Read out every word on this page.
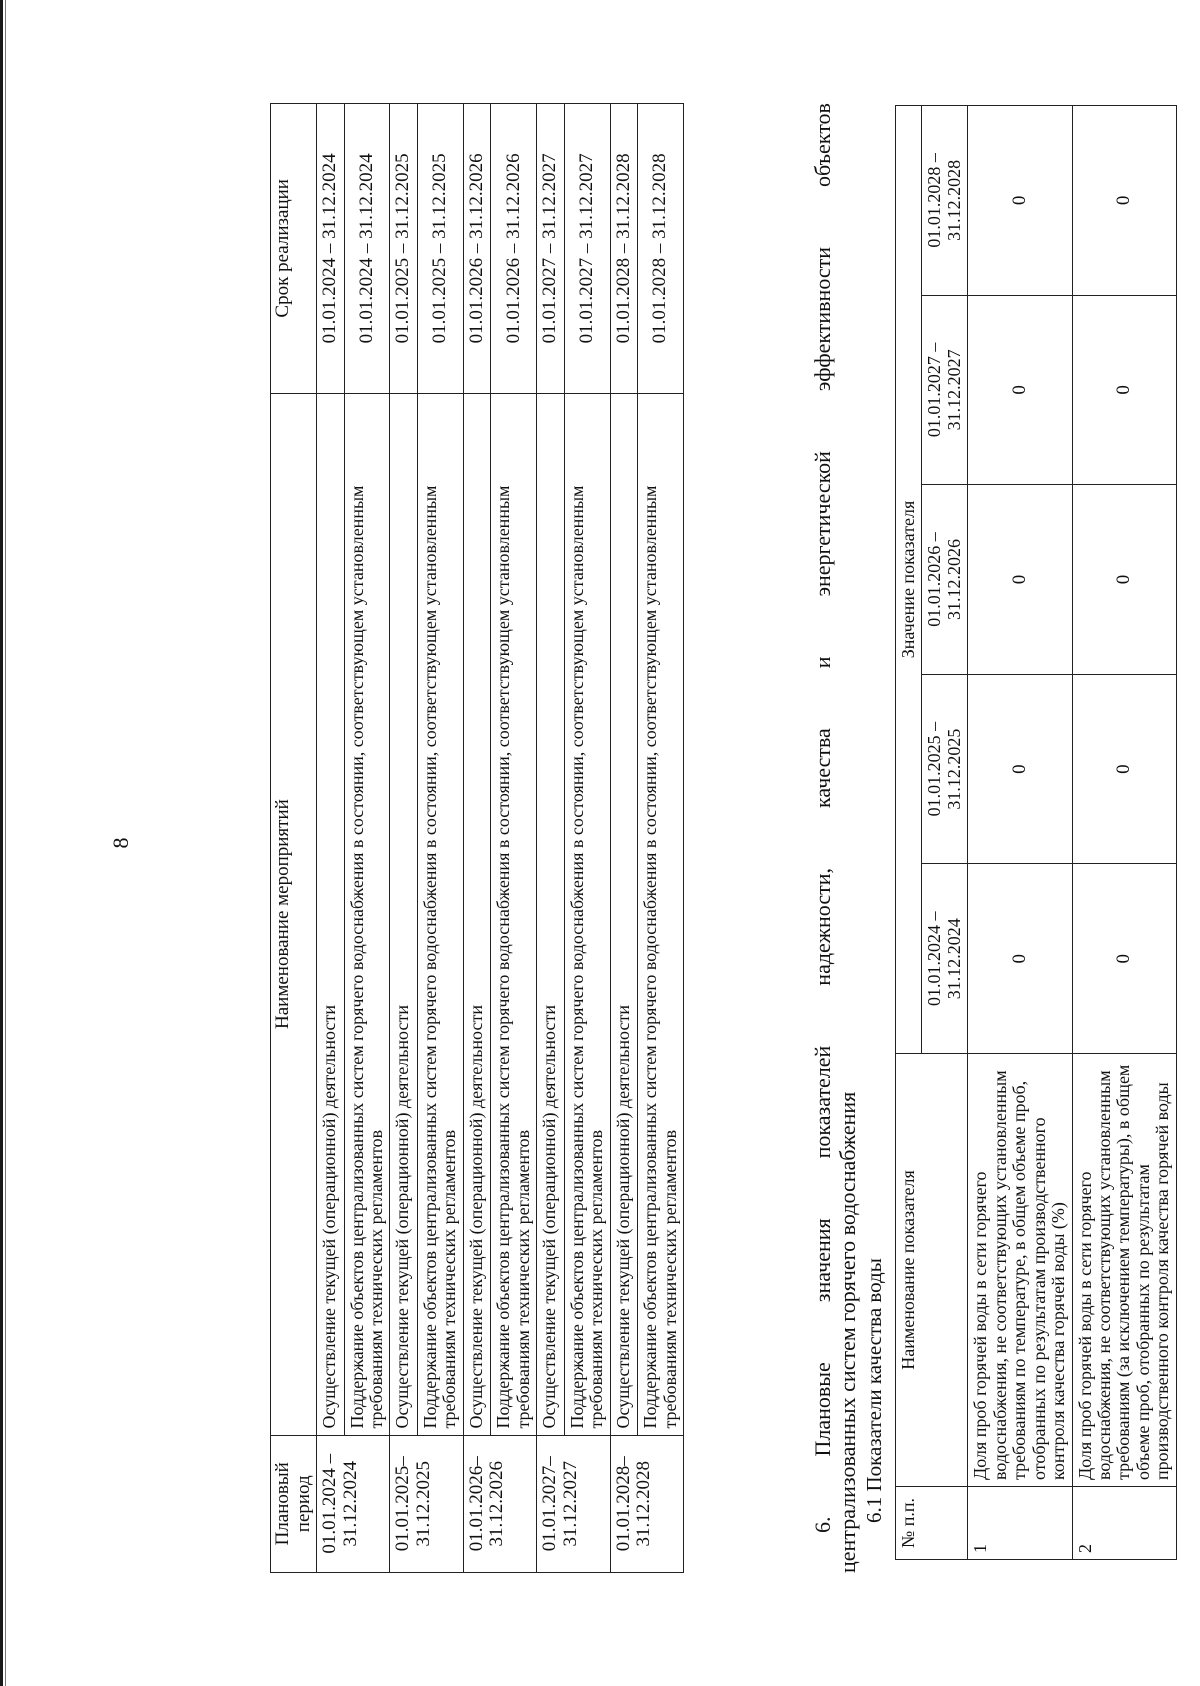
8
Плановый период	Наименование мероприятий	Срок реализации
01.01.2024 – 31.12.2024	Осуществление текущей (операционной) деятельности	01.01.2024 – 31.12.2024
	Поддержание объектов централизованных систем горячего водоснабжения в состоянии, соответствующем установленным требованиям технических регламентов	01.01.2024 – 31.12.2024
01.01.2025– 31.12.2025	Осуществление текущей (операционной) деятельности	01.01.2025 – 31.12.2025
	Поддержание объектов централизованных систем горячего водоснабжения в состоянии, соответствующем установленным требованиям технических регламентов	01.01.2025 – 31.12.2025
01.01.2026– 31.12.2026	Осуществление текущей (операционной) деятельности	01.01.2026 – 31.12.2026
	Поддержание объектов централизованных систем горячего водоснабжения в состоянии, соответствующем установленным требованиям технических регламентов	01.01.2026 – 31.12.2026
01.01.2027– 31.12.2027	Осуществление текущей (операционной) деятельности	01.01.2027 – 31.12.2027
	Поддержание объектов централизованных систем горячего водоснабжения в состоянии, соответствующем установленным требованиям технических регламентов	01.01.2027 – 31.12.2027
01.01.2028– 31.12.2028	Осуществление текущей (операционной) деятельности	01.01.2028 – 31.12.2028
	Поддержание объектов централизованных систем горячего водоснабжения в состоянии, соответствующем установленным требованиям технических регламентов	01.01.2028 – 31.12.2028
6.
Плановые
значения
показателей
надежности,
качества
и
энергетической
эффективности
объектов
централизованных систем горячего водоснабжения 6.1 Показатели качества воды
№ п.п.	Наименование показателя	Значение показателя				
		01.01.2024 – 31.12.2024	01.01.2025 – 31.12.2025	01.01.2026 – 31.12.2026	01.01.2027 – 31.12.2027	01.01.2028 – 31.12.2028
1	Доля проб горячей воды в сети горячего водоснабжения, не соответствующих установленным требованиям по температуре, в общем объеме проб, отобранных по результатам производственного контроля качества горячей воды (%)	0	0	0	0	0
2	Доля проб горячей воды в сети горячего водоснабжения, не соответствующих установленным требованиям (за исключением температуры), в общем объеме проб, отобранных по результатам производственного контроля качества горячей воды	0	0	0	0	0
